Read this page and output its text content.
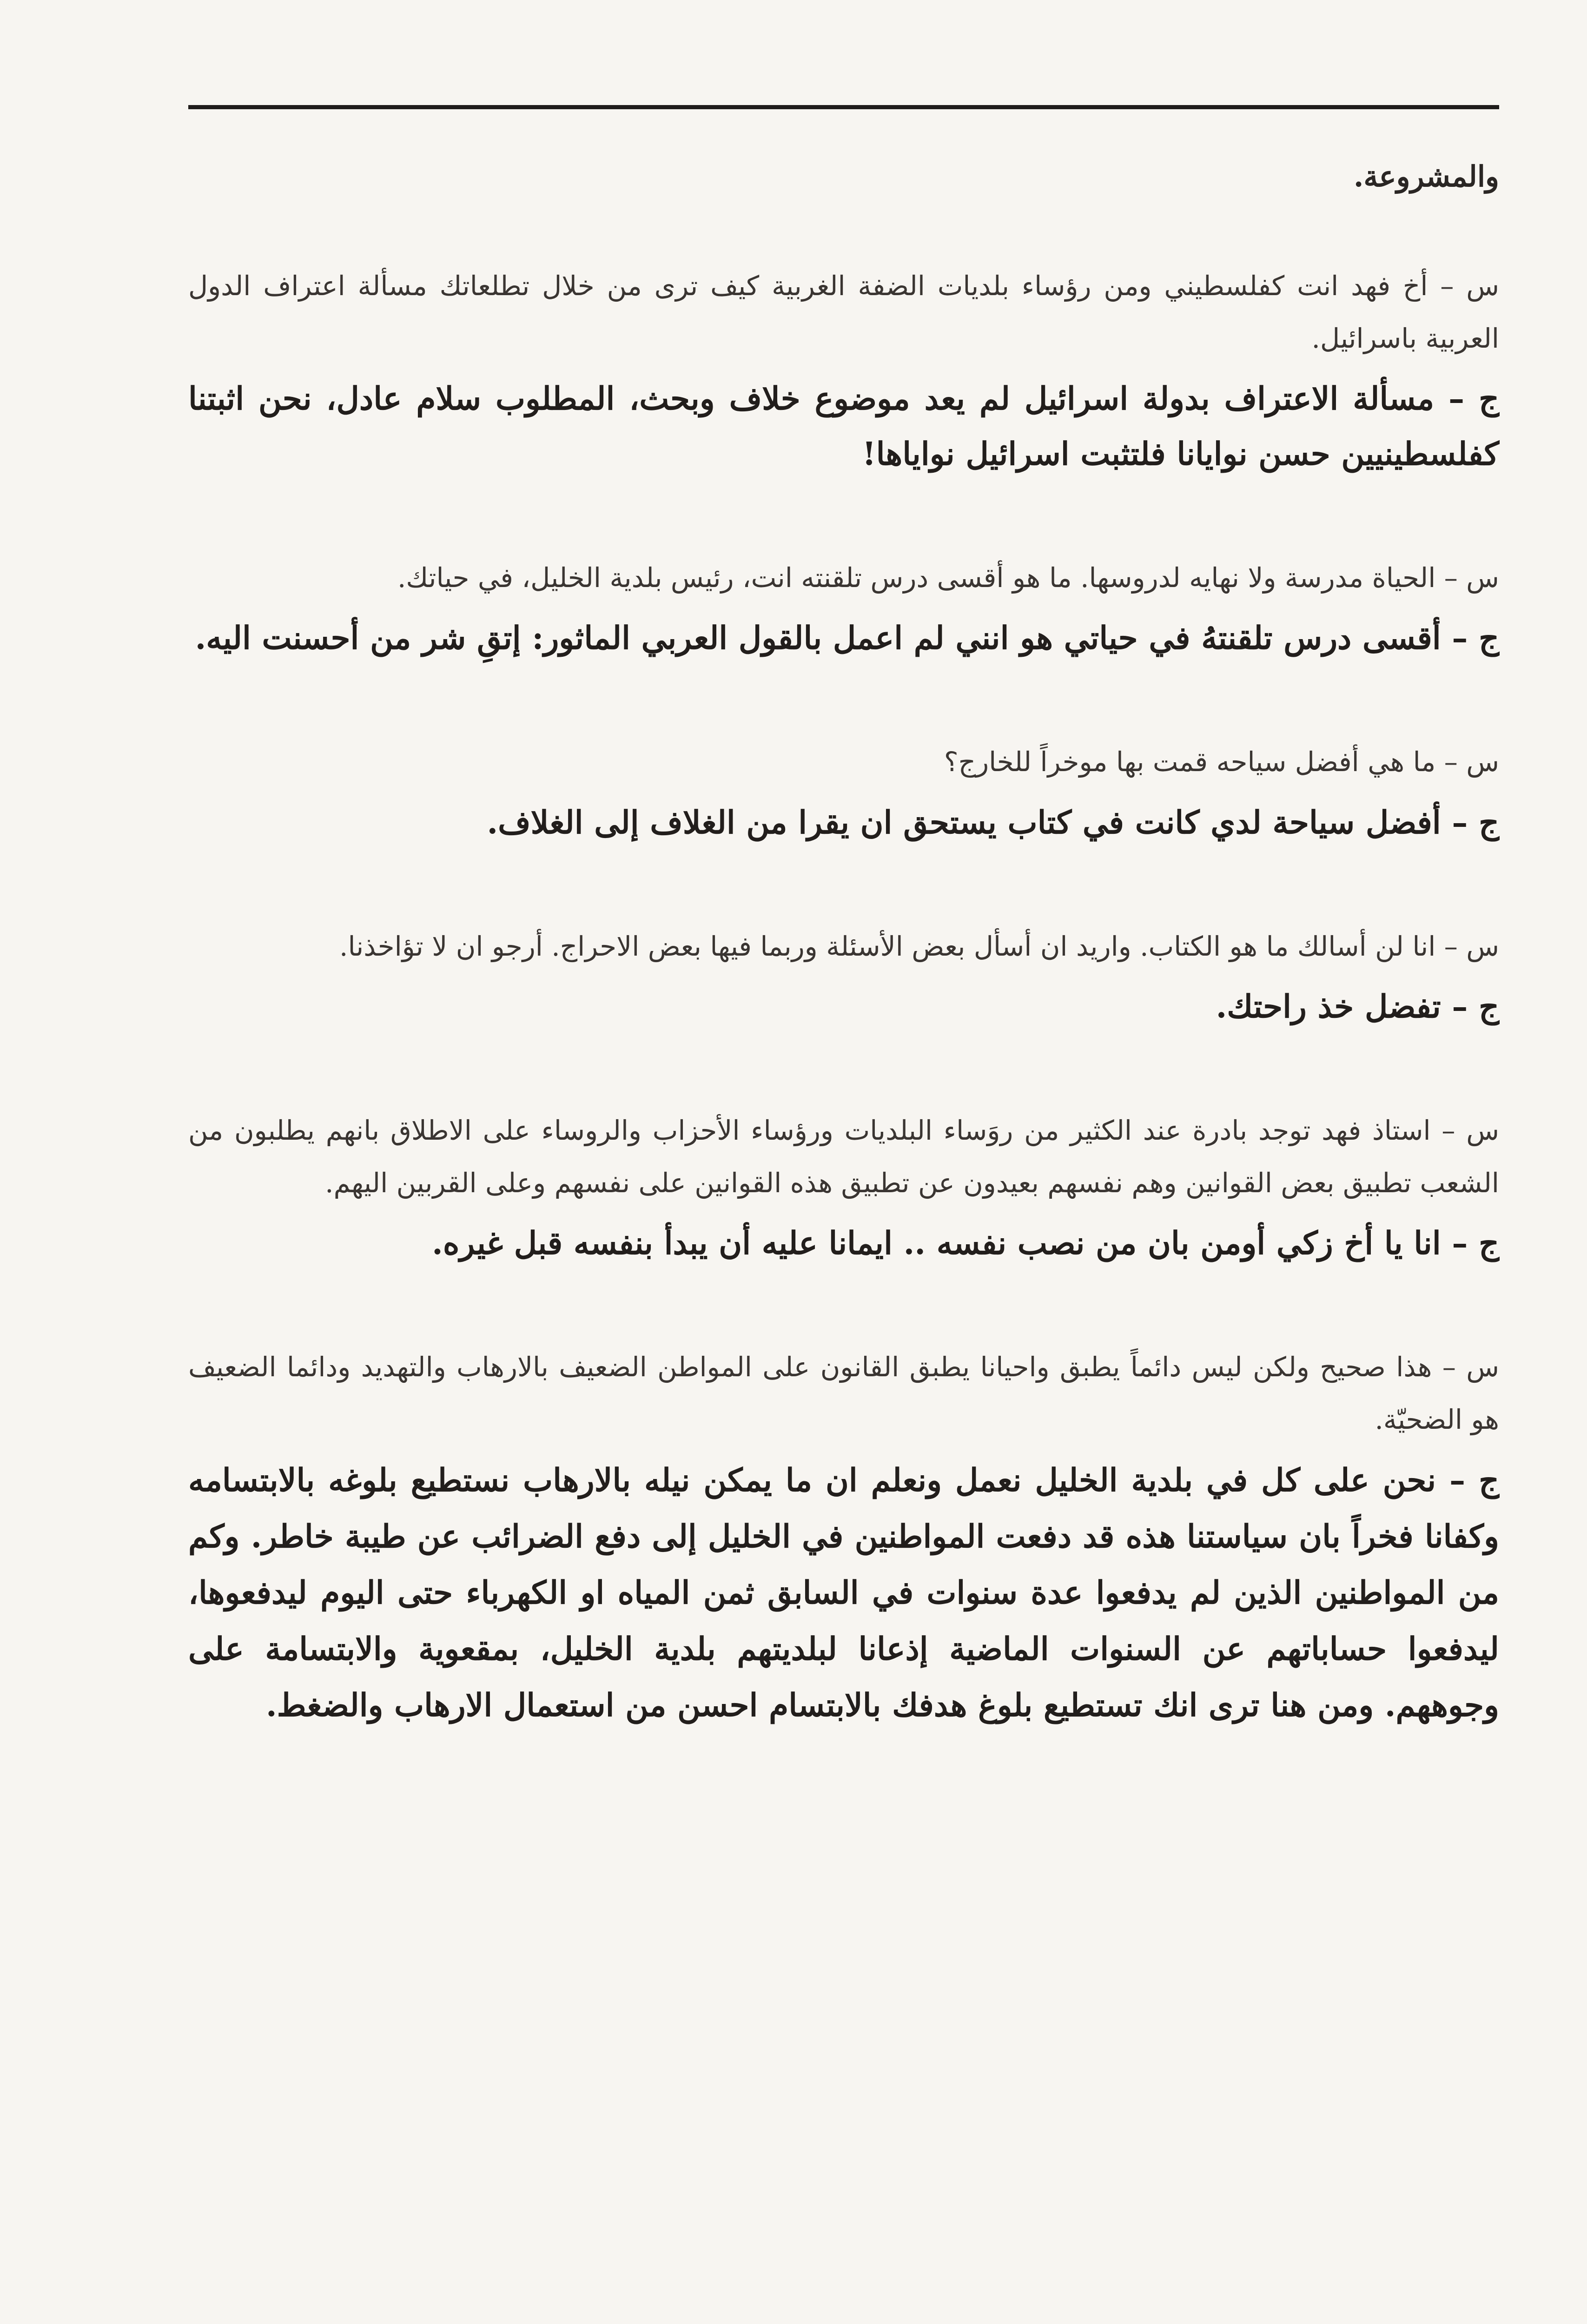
والمشروعة.

س – أخ فهد انت كفلسطيني ومن رؤساء بلديات الضفة الغربية كيف ترى من خلال تطلعاتك مسألة اعتراف الدول العربية باسرائيل.

ج – مسألة الاعتراف بدولة اسرائيل لم يعد موضوع خلاف وبحث، المطلوب سلام عادل، نحن اثبتنا كفلسطينيين حسن نوايانا فلتثبت اسرائيل نواياها!

س – الحياة مدرسة ولا نهايه لدروسها. ما هو أقسى درس تلقنته انت، رئيس بلدية الخليل، في حياتك.

ج – أقسى درس تلقنتهُ في حياتي هو انني لم اعمل بالقول العربي الماثور: إتقِ شر من أحسنت اليه.

س – ما هي أفضل سياحه قمت بها موخراً للخارج؟

ج – أفضل سياحة لدي كانت في كتاب يستحق ان يقرا من الغلاف إلى الغلاف.

س – انا لن أسالك ما هو الكتاب. واريد ان أسأل بعض الأسئلة وربما فيها بعض الاحراج. أرجو ان لا تؤاخذنا.

ج – تفضل خذ راحتك.

س – استاذ فهد توجد بادرة عند الكثير من روَساء البلديات ورؤساء الأحزاب والروساء على الاطلاق بانهم يطلبون من الشعب تطبيق بعض القوانين وهم نفسهم بعيدون عن تطبيق هذه القوانين على نفسهم وعلى القربين اليهم.

ج – انا يا أخ زكي أومن بان من نصب نفسه .. ايمانا عليه أن يبدأ بنفسه قبل غيره.

س – هذا صحيح ولكن ليس دائماً يطبق واحيانا يطبق القانون على المواطن الضعيف بالارهاب والتهديد ودائما الضعيف هو الضحيّة.

ج – نحن على كل في بلدية الخليل نعمل ونعلم ان ما يمكن نيله بالارهاب نستطيع بلوغه بالابتسامه وكفانا فخراً بان سياستنا هذه قد دفعت المواطنين في الخليل إلى دفع الضرائب عن طيبة خاطر. وكم من المواطنين الذين لم يدفعوا عدة سنوات في السابق ثمن المياه او الكهرباء حتى اليوم ليدفعوها، ليدفعوا حساباتهم عن السنوات الماضية إذعانا لبلديتهم بلدية الخليل، بمقعوية والابتسامة على وجوههم. ومن هنا ترى انك تستطيع بلوغ هدفك بالابتسام احسن من استعمال الارهاب والضغط.
